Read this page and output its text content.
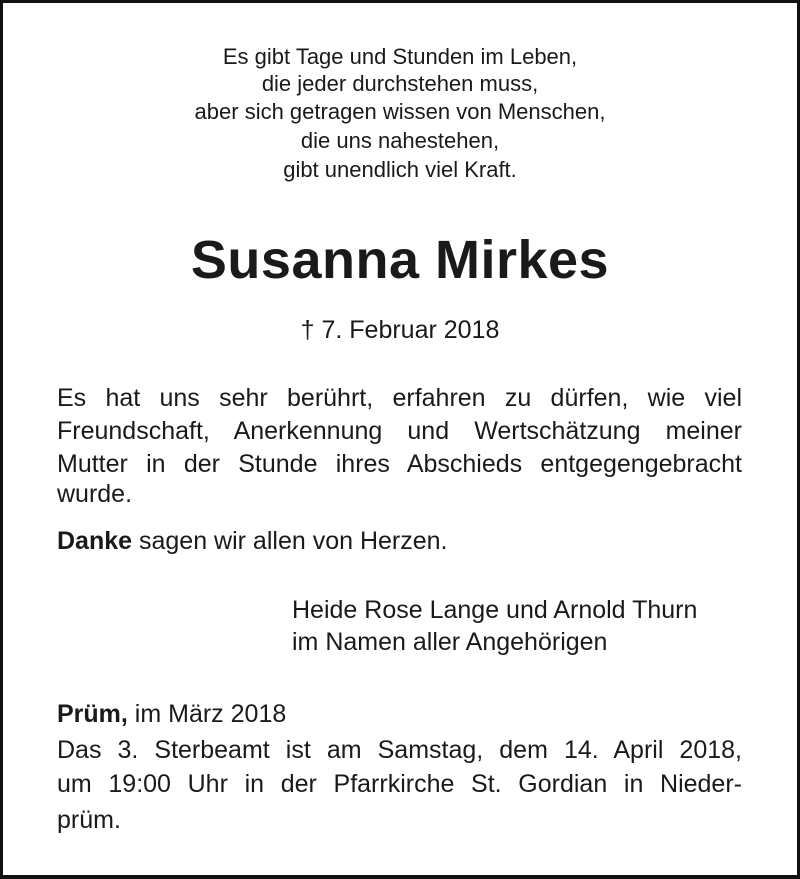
Es gibt Tage und Stunden im Leben,
die jeder durchstehen muss,
aber sich getragen wissen von Menschen,
die uns nahestehen,
gibt unendlich viel Kraft.
Susanna Mirkes
† 7. Februar 2018
Es hat uns sehr berührt, erfahren zu dürfen, wie viel
Freundschaft, Anerkennung und Wertschätzung meiner
Mutter in der Stunde ihres Abschieds entgegengebracht
wurde.
Danke sagen wir allen von Herzen.
Heide Rose Lange und Arnold Thurn
im Namen aller Angehörigen
Prüm, im März 2018
Das 3. Sterbeamt ist am Samstag, dem 14. April 2018,
um 19:00 Uhr in der Pfarrkirche St. Gordian in Nieder-
prüm.
